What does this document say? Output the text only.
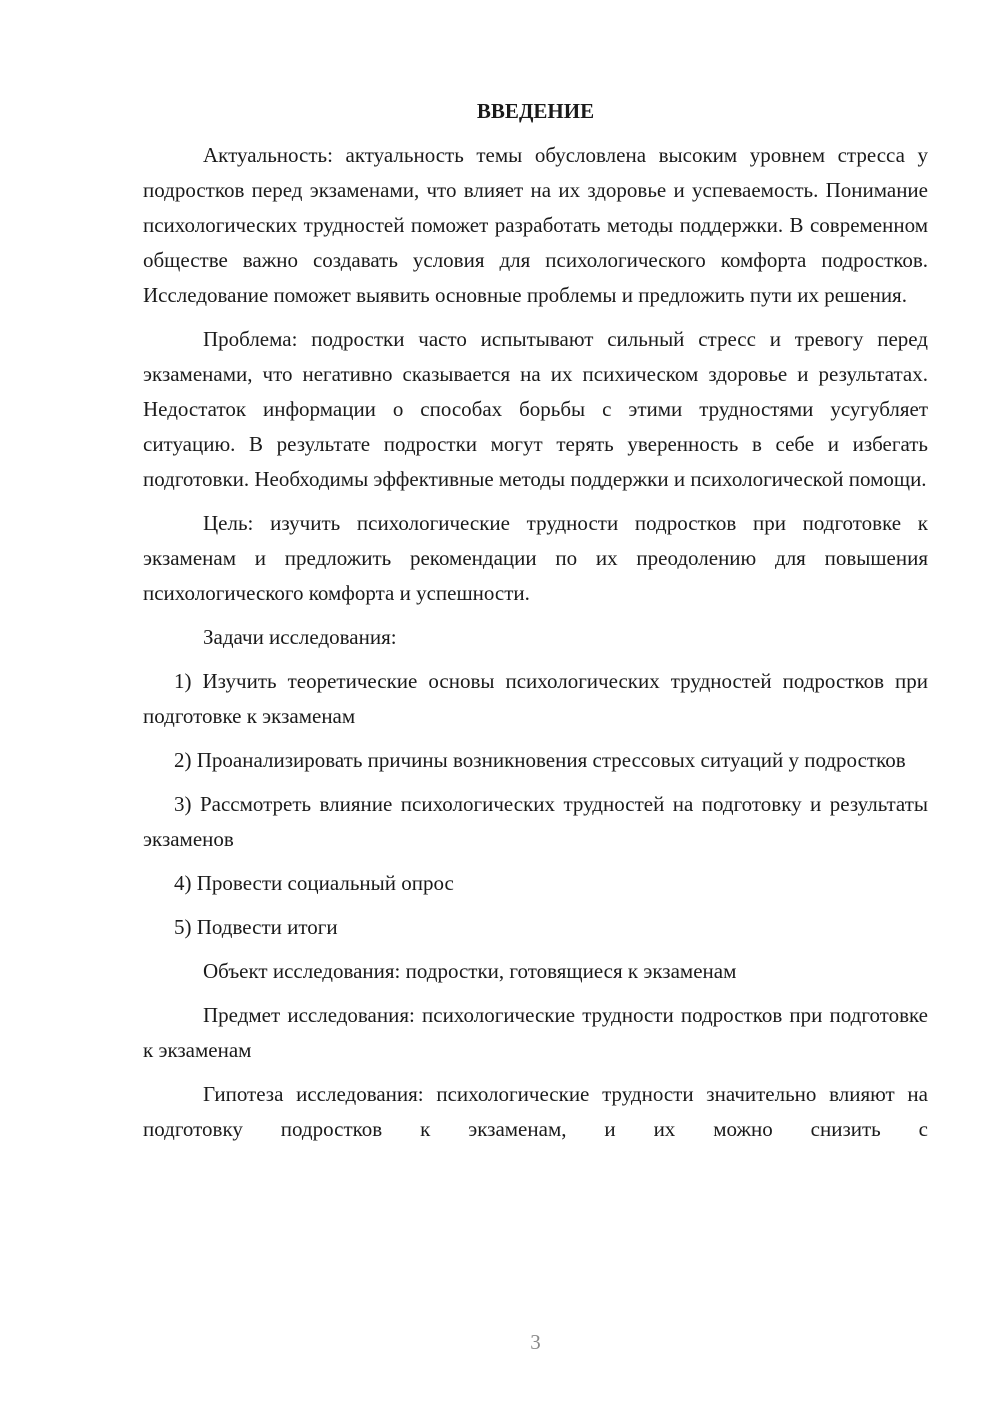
ВВЕДЕНИЕ

Актуальность: актуальность темы обусловлена высоким уровнем стресса у подростков перед экзаменами, что влияет на их здоровье и успеваемость. Понимание психологических трудностей поможет разработать методы поддержки. В современном обществе важно создавать условия для психологического комфорта подростков. Исследование поможет выявить основные проблемы и предложить пути их решения.

Проблема: подростки часто испытывают сильный стресс и тревогу перед экзаменами, что негативно сказывается на их психическом здоровье и результатах. Недостаток информации о способах борьбы с этими трудностями усугубляет ситуацию. В результате подростки могут терять уверенность в себе и избегать подготовки. Необходимы эффективные методы поддержки и психологической помощи.

Цель: изучить психологические трудности подростков при подготовке к экзаменам и предложить рекомендации по их преодолению для повышения психологического комфорта и успешности.

Задачи исследования:

1) Изучить теоретические основы психологических трудностей подростков при подготовке к экзаменам

2) Проанализировать причины возникновения стрессовых ситуаций у подростков

3) Рассмотреть влияние психологических трудностей на подготовку и результаты экзаменов

4) Провести социальный опрос

5) Подвести итоги

Объект исследования: подростки, готовящиеся к экзаменам

Предмет исследования: психологические трудности подростков при подготовке к экзаменам

Гипотеза исследования: психологические трудности значительно влияют на подготовку подростков к экзаменам, и их можно снизить с

3
